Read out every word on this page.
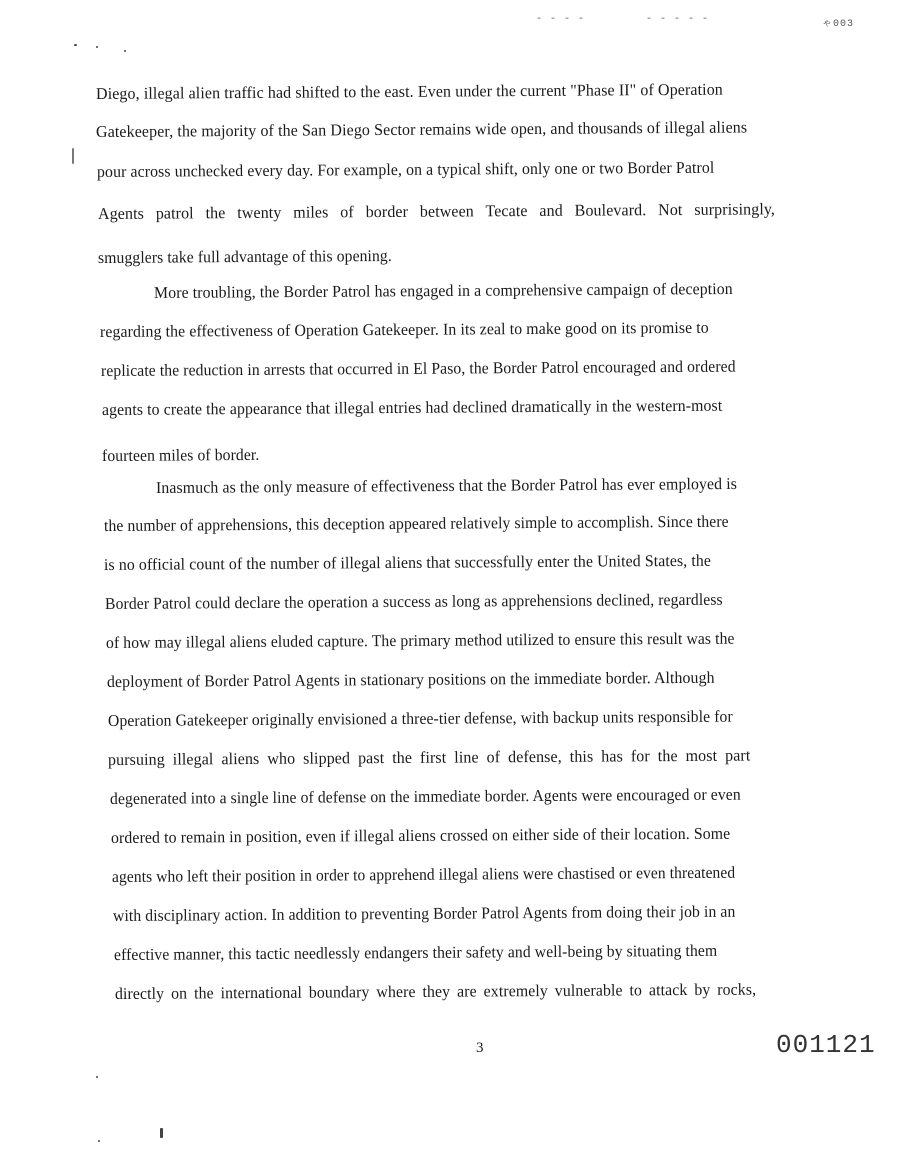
- - - -	- - - - -	ゃ003
Diego, illegal alien traffic had shifted to the east. Even under the current "Phase II" of Operation
Gatekeeper, the majority of the San Diego Sector remains wide open, and thousands of illegal aliens
pour across unchecked every day. For example, on a typical shift, only one or two Border Patrol
Agents patrol the twenty miles of border between Tecate and Boulevard. Not surprisingly,
smugglers take full advantage of this opening.
More troubling, the Border Patrol has engaged in a comprehensive campaign of deception
regarding the effectiveness of Operation Gatekeeper. In its zeal to make good on its promise to
replicate the reduction in arrests that occurred in El Paso, the Border Patrol encouraged and ordered
agents to create the appearance that illegal entries had declined dramatically in the western-most
fourteen miles of border.
Inasmuch as the only measure of effectiveness that the Border Patrol has ever employed is
the number of apprehensions, this deception appeared relatively simple to accomplish. Since there
is no official count of the number of illegal aliens that successfully enter the United States, the
Border Patrol could declare the operation a success as long as apprehensions declined, regardless
of how may illegal aliens eluded capture. The primary method utilized to ensure this result was the
deployment of Border Patrol Agents in stationary positions on the immediate border. Although
Operation Gatekeeper originally envisioned a three-tier defense, with backup units responsible for
pursuing illegal aliens who slipped past the first line of defense, this has for the most part
degenerated into a single line of defense on the immediate border. Agents were encouraged or even
ordered to remain in position, even if illegal aliens crossed on either side of their location. Some
agents who left their position in order to apprehend illegal aliens were chastised or even threatened
with disciplinary action. In addition to preventing Border Patrol Agents from doing their job in an
effective manner, this tactic needlessly endangers their safety and well-being by situating them
directly on the international boundary where they are extremely vulnerable to attack by rocks,
3	001121
